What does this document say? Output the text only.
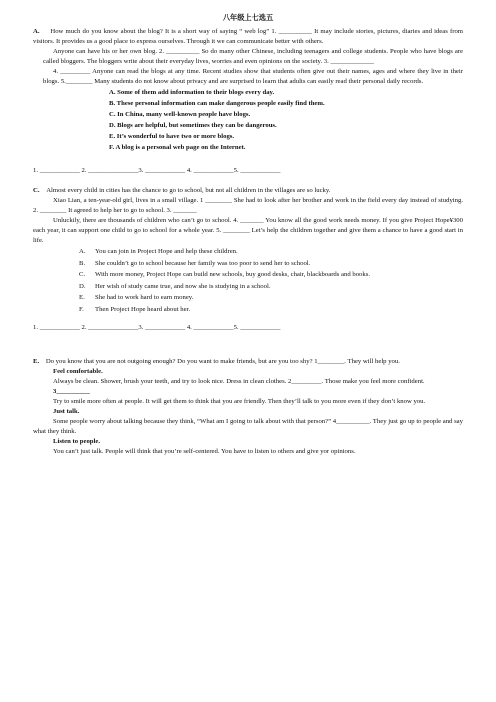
八年级上七选五

A. How much do you know about the blog? It is a short way of saying “ web log” 1. __________ It may include stories, pictures, diaries and ideas from visitors. It provides us a good place to express ourselves. Through it we can communicate better with others.

Anyone can have his or her own blog. 2. __________ So do many other Chinese, including teenagers and college students. People who have blogs are called bloggers. The bloggers write about their everyday lives, worries and even opinions on the society. 3. _____________

4. _________ Anyone can read the blogs at any time. Recent studies show that students often give out their names, ages and where they live in their blogs. 5.________ Many students do not know about privacy and are surprised to learn that adults can easily read their personal daily records.

A. Some of them add information to their blogs every day.
B. These personal information can make dangerous people easily find them.
C. In China, many well-known people have blogs.
D. Blogs are helpful, but sometimes they can be dangerous.
E. It’s wonderful to have two or more blogs.
F. A blog is a personal web page on the Internet.

1. ____________ 2. _______________3. ____________ 4. ____________5. ____________

C. Almost every child in cities has the chance to go to school, but not all children in the villages are so lucky.

Xiao Lian, a ten-year-old girl, lives in a small village. 1 ________ She had to look after her brother and work in the field every day instead of studying. 2. ________ It agreed to help her to go to school. 3. _______

Unluckily, there are thousands of children who can’t go to school. 4. _______ You know all the good work needs money. If you give Project Hope¥300 each year, it can support one child to go to school for a whole year. 5. ________ Let’s help the children together and give them a chance to have a good start in life.

A. You can join in Project Hope and help these children.
B. She couldn’t go to school because her family was too poor to send her to school.
C. With more money, Project Hope can build new schools, buy good desks, chair, blackboards and books.
D. Her wish of study came true, and now she is studying in a school.
E. She had to work hard to earn money.
F. Then Project Hope heard about her.

1. ____________ 2. _______________3. ____________ 4. ____________5. ____________

E. Do you know that you are not outgoing enough? Do you want to make friends, but are you too shy? 1________. They will help you.

Feel comfortable.

Always be clean. Shower, brush your teeth, and try to look nice. Dress in clean clothes. 2_________. Those make you feel more confident.

3__________

Try to smile more often at people. It will get them to think that you are friendly. Then they’ll talk to you more even if they don’t know you.

Just talk.

Some people worry about talking because they think, “What am I going to talk about with that person?” 4__________. They just go up to people and say what they think.

Listen to people.

You can’t just talk. People will think that you’re self-centered. You have to listen to others and give yor opinions.
